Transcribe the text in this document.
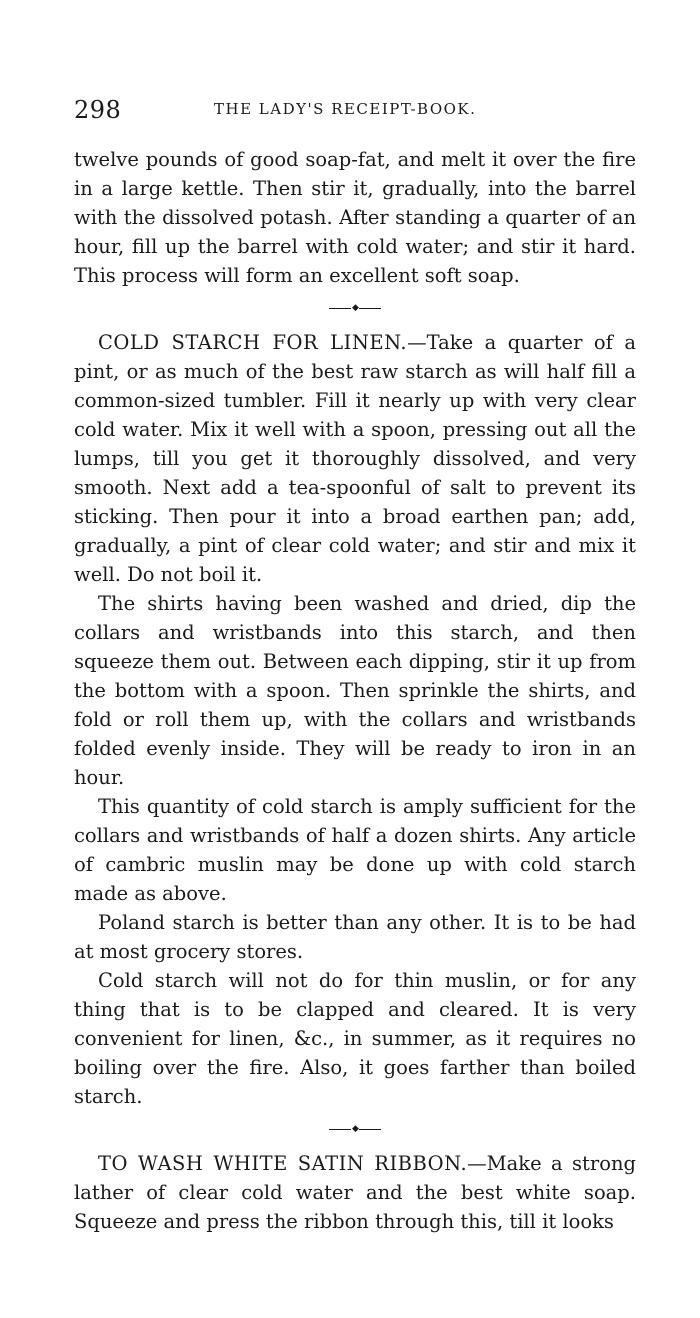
298	THE LADY'S RECEIPT-BOOK.

twelve pounds of good soap-fat, and melt it over the fire in a large kettle. Then stir it, gradually, into the barrel with the dissolved potash. After standing a quarter of an hour, fill up the barrel with cold water; and stir it hard. This process will form an excellent soft soap.

◆

COLD STARCH FOR LINEN.—Take a quarter of a pint, or as much of the best raw starch as will half fill a common-sized tumbler. Fill it nearly up with very clear cold water. Mix it well with a spoon, pressing out all the lumps, till you get it thoroughly dissolved, and very smooth. Next add a tea-spoonful of salt to prevent its sticking. Then pour it into a broad earthen pan; add, gradually, a pint of clear cold water; and stir and mix it well. Do not boil it.

The shirts having been washed and dried, dip the collars and wristbands into this starch, and then squeeze them out. Between each dipping, stir it up from the bottom with a spoon. Then sprinkle the shirts, and fold or roll them up, with the collars and wristbands folded evenly inside. They will be ready to iron in an hour.

This quantity of cold starch is amply sufficient for the collars and wristbands of half a dozen shirts. Any article of cambric muslin may be done up with cold starch made as above.

Poland starch is better than any other. It is to be had at most grocery stores.

Cold starch will not do for thin muslin, or for any thing that is to be clapped and cleared. It is very convenient for linen, &c., in summer, as it requires no boiling over the fire. Also, it goes farther than boiled starch.

◆

TO WASH WHITE SATIN RIBBON.—Make a strong lather of clear cold water and the best white soap. Squeeze and press the ribbon through this, till it looks
